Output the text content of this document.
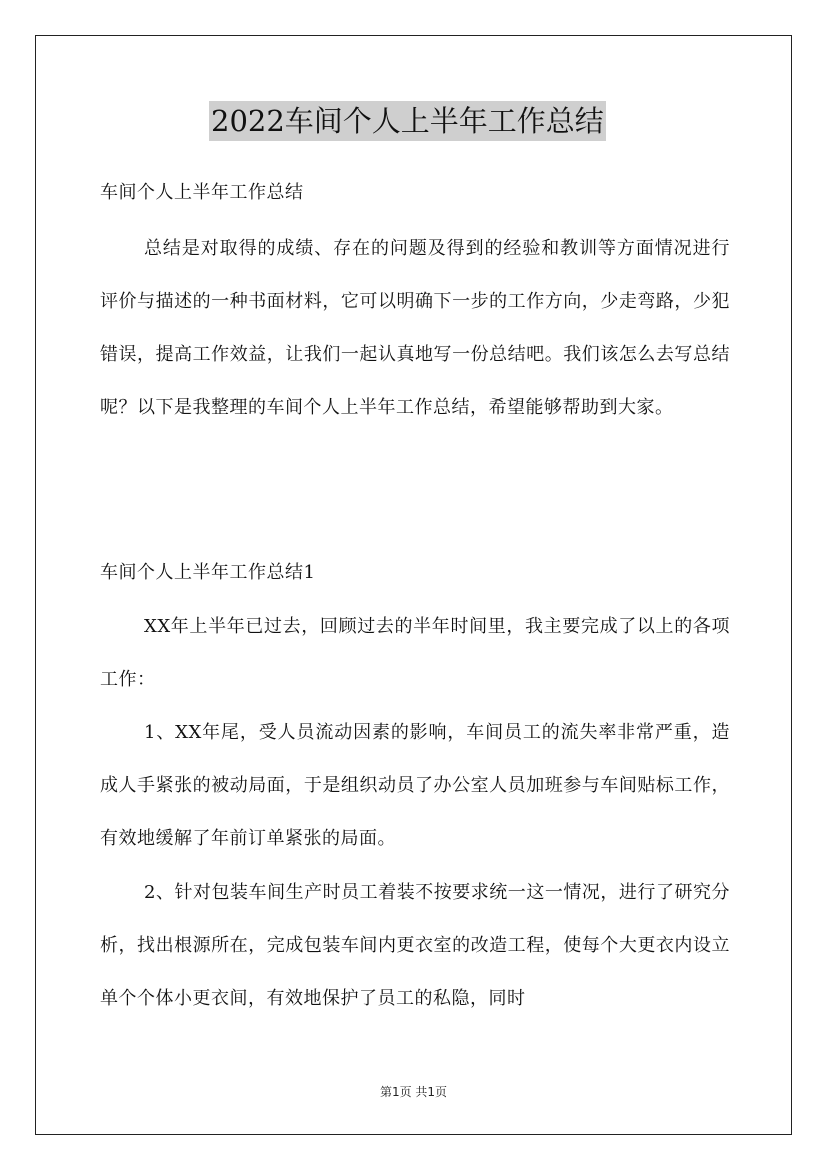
2022车间个人上半年工作总结
车间个人上半年工作总结

总结是对取得的成绩、存在的问题及得到的经验和教训等方面情况进行评价与描述的一种书面材料，它可以明确下一步的工作方向，少走弯路，少犯错误，提高工作效益，让我们一起认真地写一份总结吧。我们该怎么去写总结呢？以下是我整理的车间个人上半年工作总结，希望能够帮助到大家。

车间个人上半年工作总结1

XX年上半年已过去，回顾过去的半年时间里，我主要完成了以上的各项工作：

1、XX年尾，受人员流动因素的影响，车间员工的流失率非常严重，造成人手紧张的被动局面，于是组织动员了办公室人员加班参与车间贴标工作，有效地缓解了年前订单紧张的局面。

2、针对包装车间生产时员工着装不按要求统一这一情况，进行了研究分析，找出根源所在，完成包装车间内更衣室的改造工程，使每个大更衣内设立单个个体小更衣间，有效地保护了员工的私隐，同时

第1页 共1页
